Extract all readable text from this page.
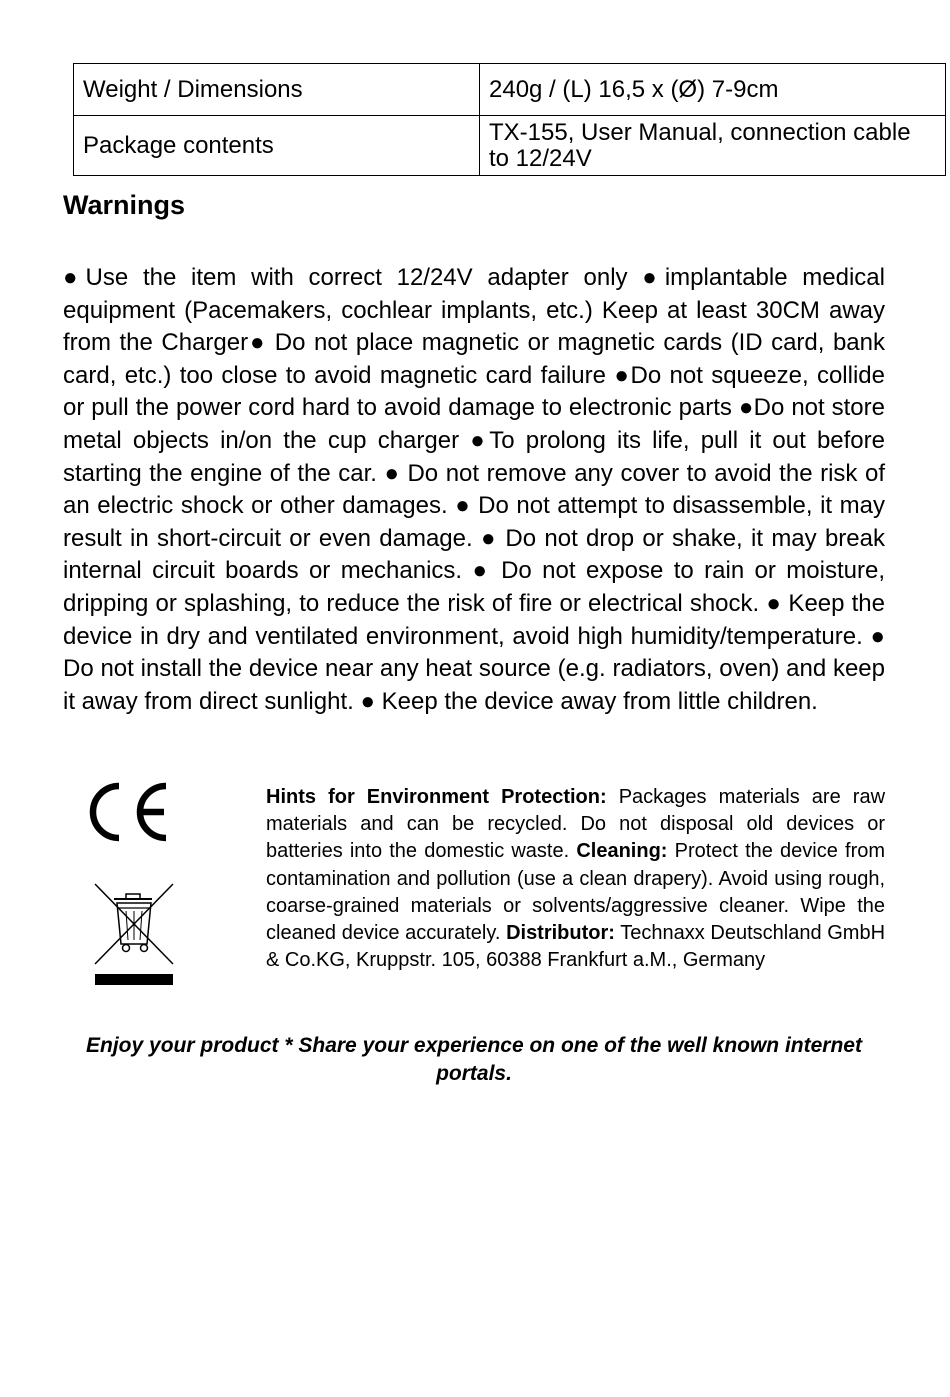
Weight / Dimensions	240g / (L) 16,5 x (Ø) 7-9cm
Package contents	TX-155, User Manual, connection cable to 12/24V
Warnings
●Use the item with correct 12/24V adapter only ●implantable medical equipment (Pacemakers, cochlear implants, etc.) Keep at least 30CM away from the Charger● Do not place magnetic or magnetic cards (ID card, bank card, etc.) too close to avoid magnetic card failure ●Do not squeeze, collide or pull the power cord hard to avoid damage to electronic parts ●Do not store metal objects in/on the cup charger ●To prolong its life, pull it out before starting the engine of the car. ● Do not remove any cover to avoid the risk of an electric shock or other damages. ● Do not attempt to disassemble, it may result in short-circuit or even damage. ● Do not drop or shake, it may break internal circuit boards or mechanics. ● Do not expose to rain or moisture, dripping or splashing, to reduce the risk of fire or electrical shock. ● Keep the device in dry and ventilated environment, avoid high humidity/temperature. ● Do not install the device near any heat source (e.g. radiators, oven) and keep it away from direct sunlight. ● Keep the device away from little children.
Hints for Environment Protection: Packages materials are raw materials and can be recycled. Do not disposal old devices or batteries into the domestic waste. Cleaning: Protect the device from contamination and pollution (use a clean drapery). Avoid using rough, coarse-grained materials or solvents/aggressive cleaner. Wipe the cleaned device accurately. Distributor: Technaxx Deutschland GmbH & Co.KG, Kruppstr. 105, 60388 Frankfurt a.M., Germany
Enjoy your product * Share your experience on one of the well known internet portals.
